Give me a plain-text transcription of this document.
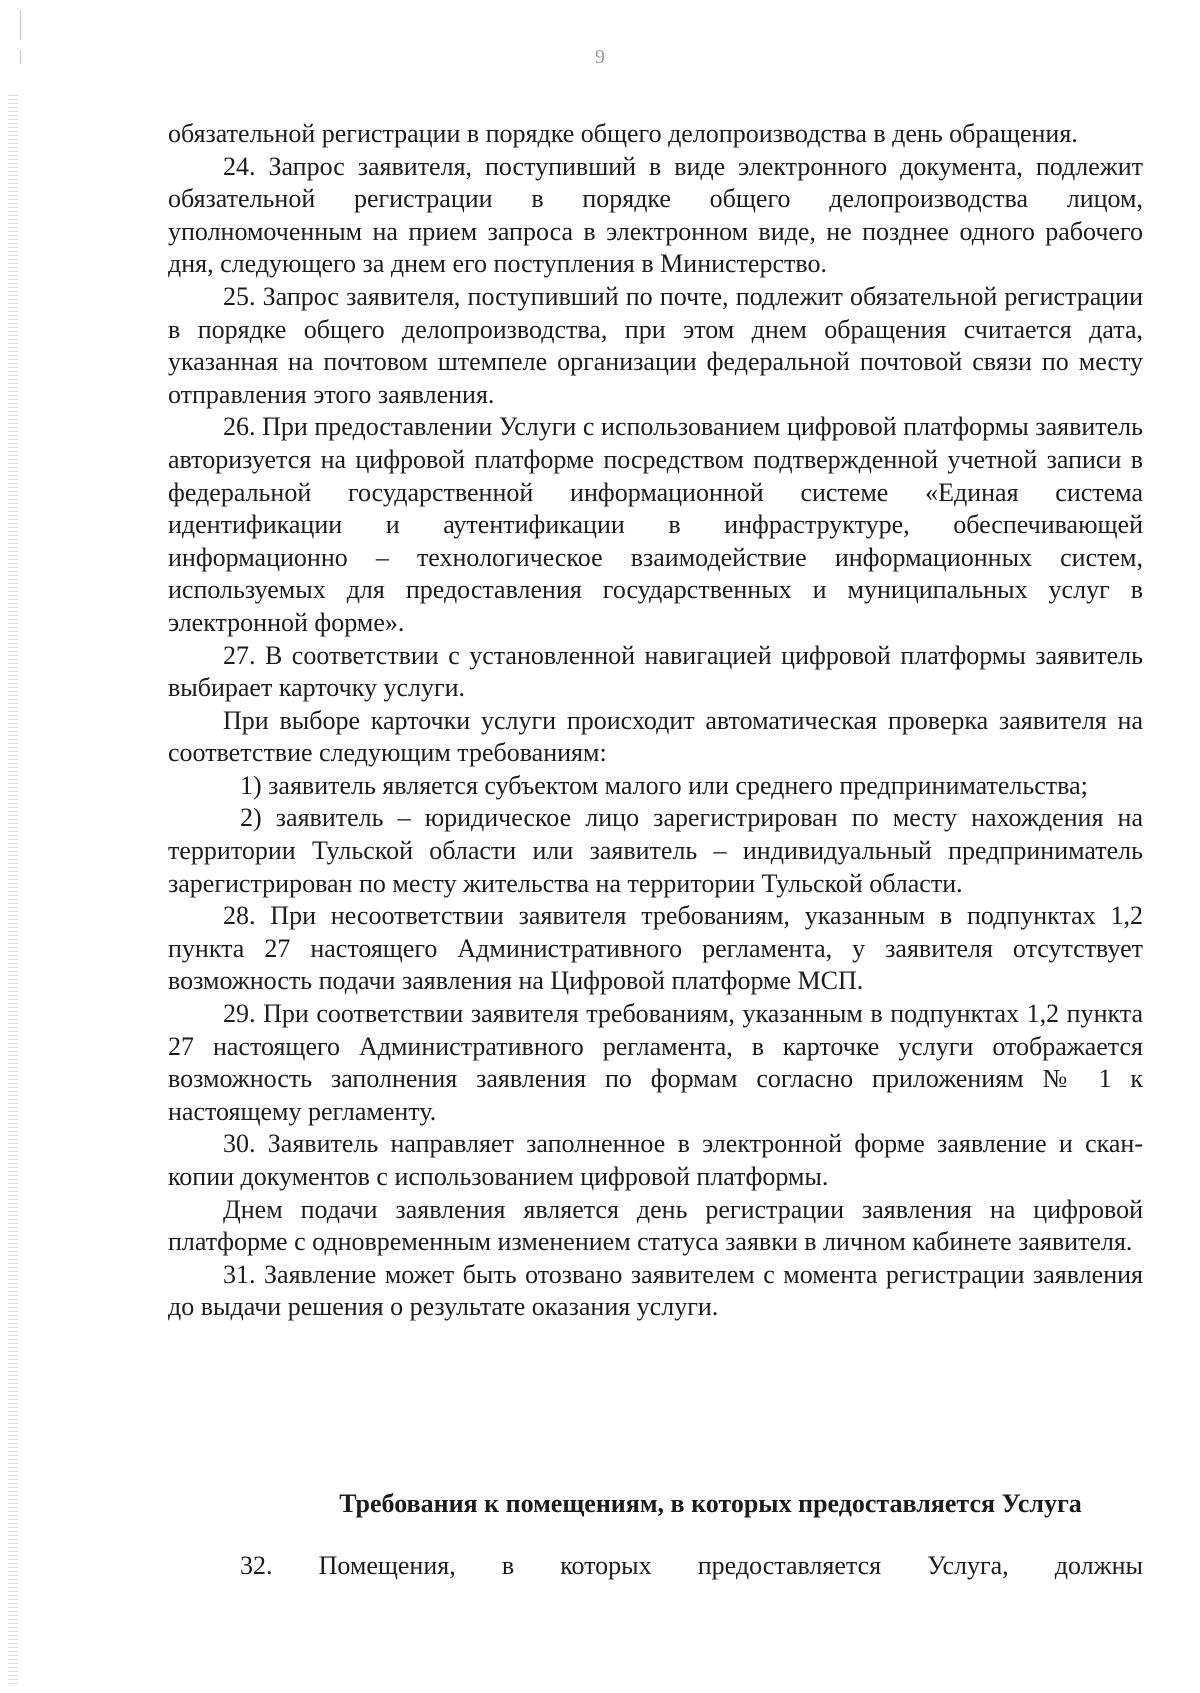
9

обязательной регистрации в порядке общего делопроизводства в день обращения.

24. Запрос заявителя, поступивший в виде электронного документа, подлежит обязательной регистрации в порядке общего делопроизводства лицом, уполномоченным на прием запроса в электронном виде, не позднее одного рабочего дня, следующего за днем его поступления в Министерство.

25. Запрос заявителя, поступивший по почте, подлежит обязательной регистрации в порядке общего делопроизводства, при этом днем обращения считается дата, указанная на почтовом штемпеле организации федеральной почтовой связи по месту отправления этого заявления.

26. При предоставлении Услуги с использованием цифровой платформы заявитель авторизуется на цифровой платформе посредством подтвержденной учетной записи в федеральной государственной информационной системе «Единая система идентификации и аутентификации в инфраструктуре, обеспечивающей информационно – технологическое взаимодействие информационных систем, используемых для предоставления государственных и муниципальных услуг в электронной форме».

27. В соответствии с установленной навигацией цифровой платформы заявитель выбирает карточку услуги.

При выборе карточки услуги происходит автоматическая проверка заявителя на соответствие следующим требованиям:

1) заявитель является субъектом малого или среднего предпринимательства;

2) заявитель – юридическое лицо зарегистрирован по месту нахождения на территории Тульской области или заявитель – индивидуальный предприниматель зарегистрирован по месту жительства на территории Тульской области.

28. При несоответствии заявителя требованиям, указанным в подпунктах 1,2 пункта 27 настоящего Административного регламента, у заявителя отсутствует возможность подачи заявления на Цифровой платформе МСП.

29. При соответствии заявителя требованиям, указанным в подпунктах 1,2 пункта 27 настоящего Административного регламента, в карточке услуги отображается возможность заполнения заявления по формам согласно приложениям № 1 к настоящему регламенту.

30. Заявитель направляет заполненное в электронной форме заявление и скан-копии документов с использованием цифровой платформы.

Днем подачи заявления является день регистрации заявления на цифровой платформе с одновременным изменением статуса заявки в личном кабинете заявителя.

31. Заявление может быть отозвано заявителем с момента регистрации заявления до выдачи решения о результате оказания услуги.

Требования к помещениям, в которых предоставляется Услуга
32. Помещения, в которых предоставляется Услуга, должны
